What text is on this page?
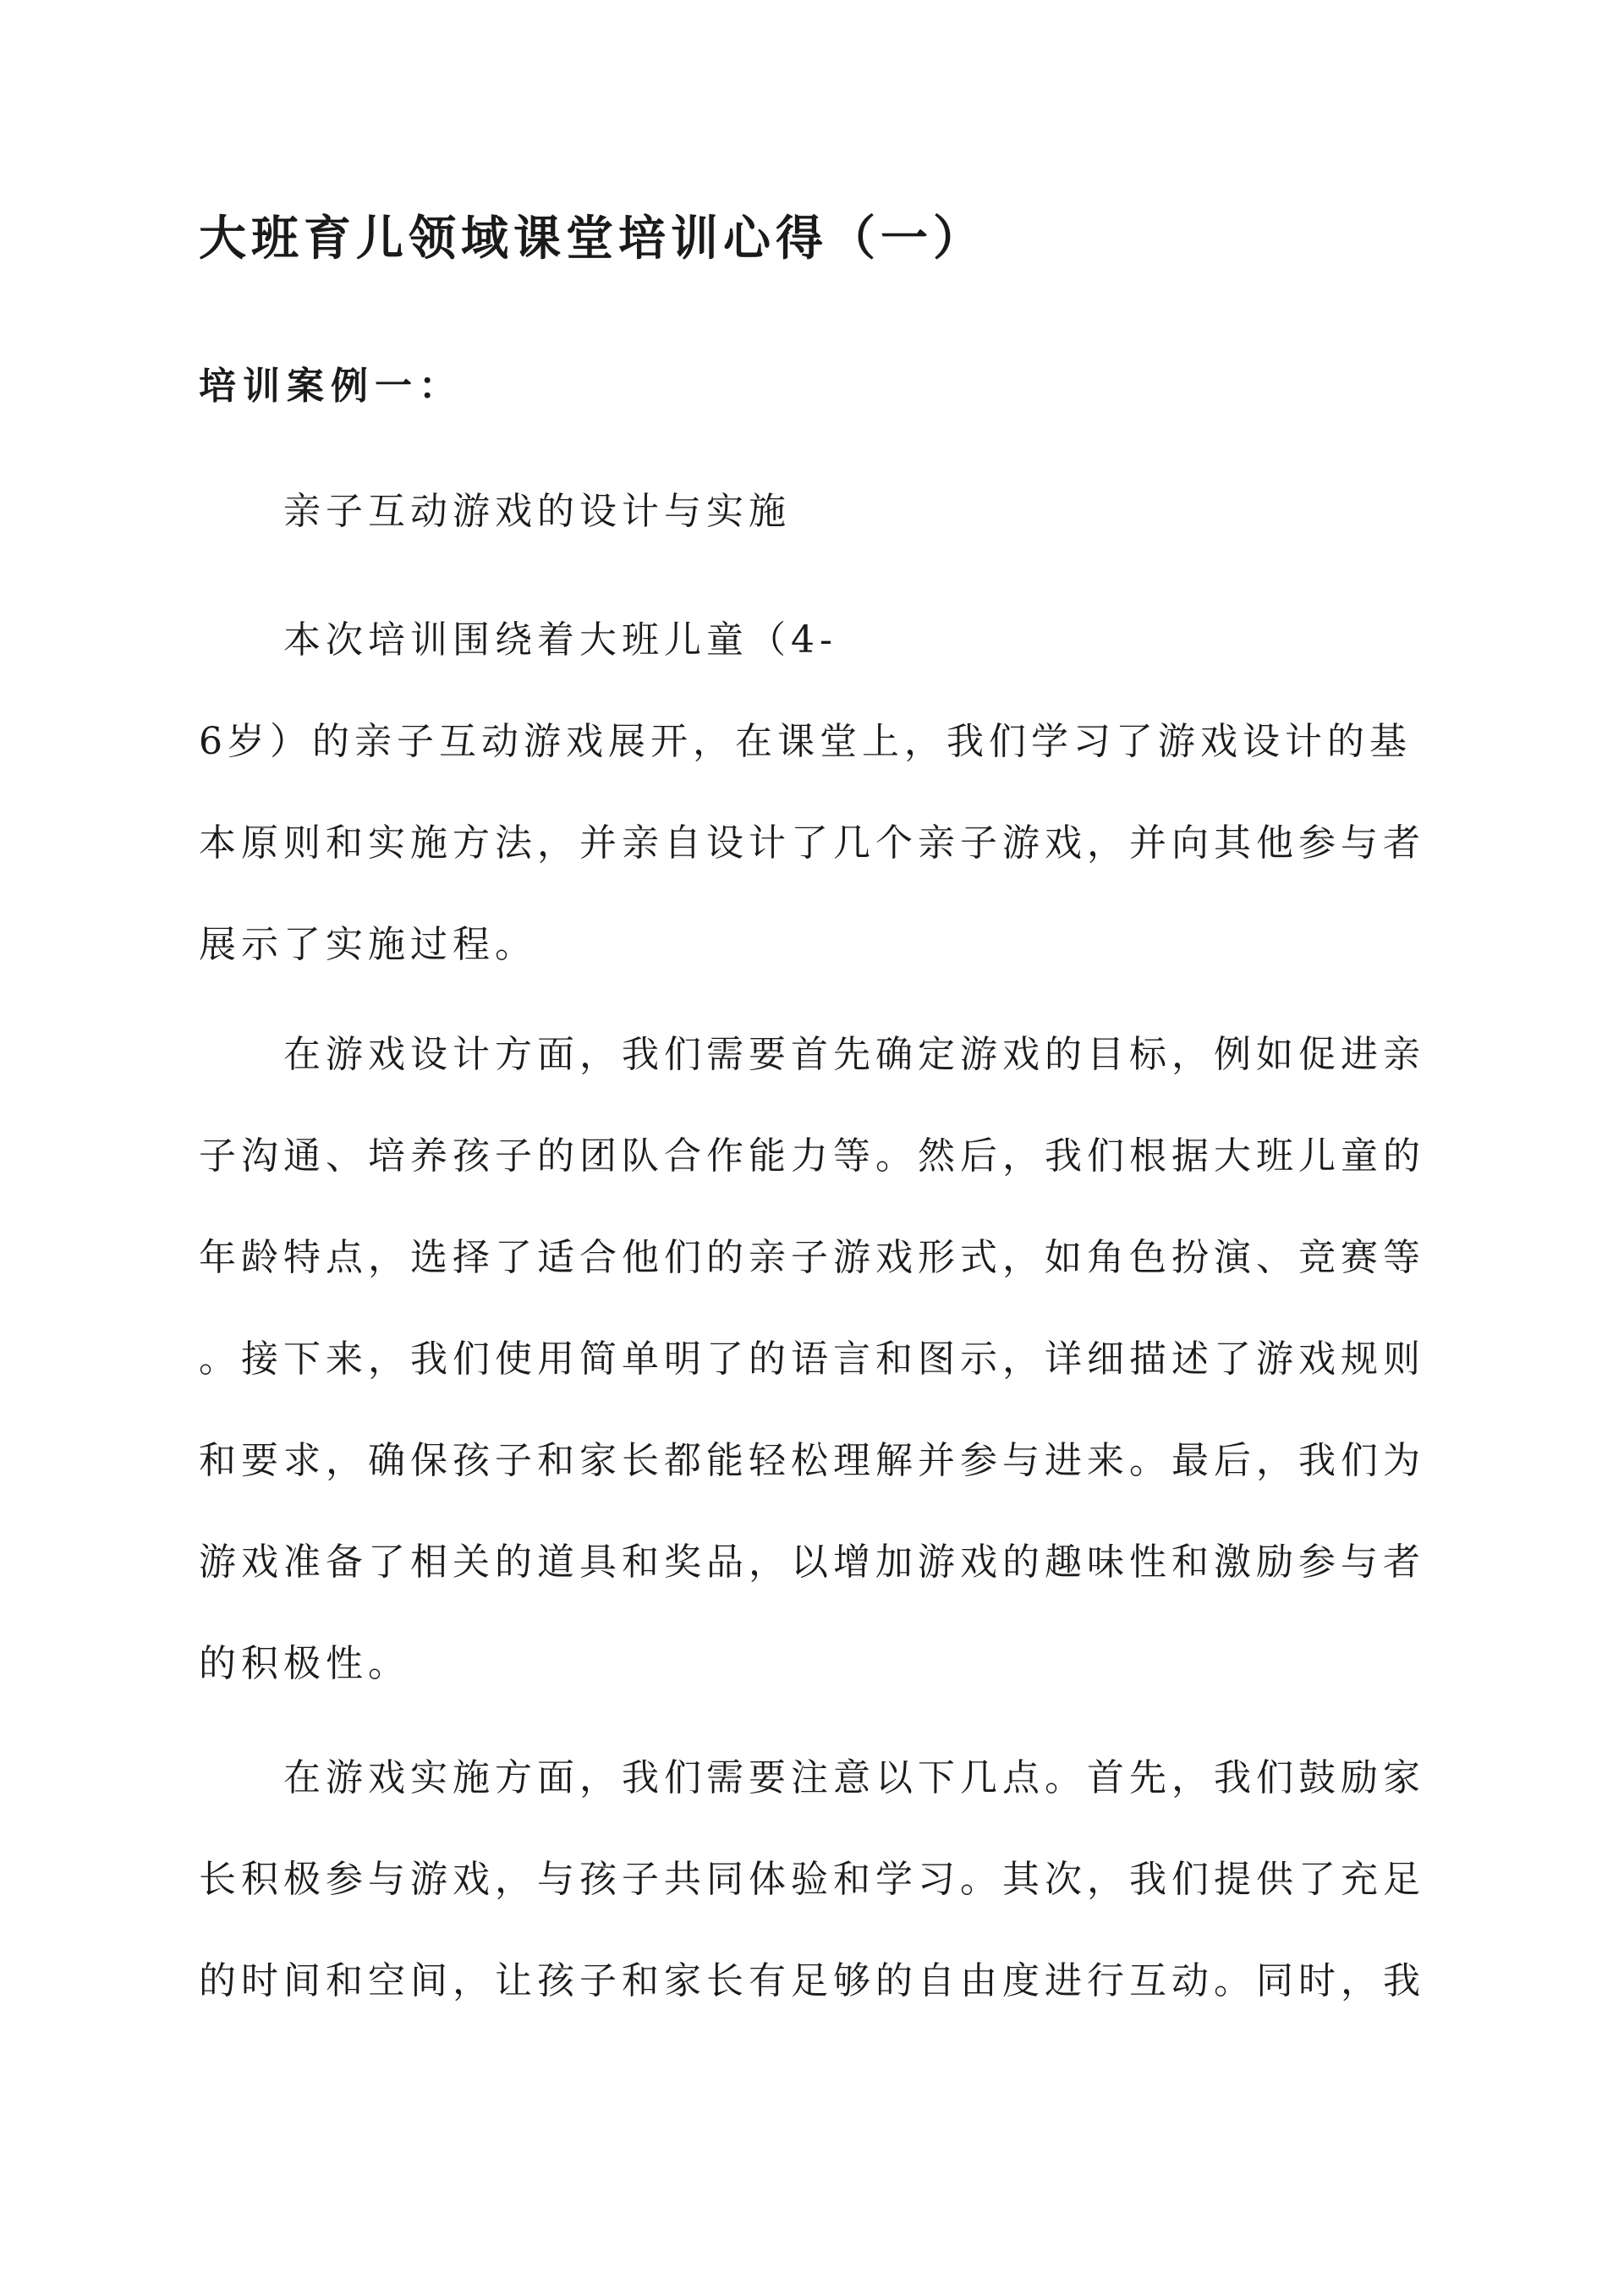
大班育儿领域课堂培训心得（一）
培训案例一：
亲子互动游戏的设计与实施
本次培训围绕着大班儿童（4-
6岁）的亲子互动游戏展开，在课堂上，我们学习了游戏设计的基
本原则和实施方法，并亲自设计了几个亲子游戏，并向其他参与者
展示了实施过程。
在游戏设计方面，我们需要首先确定游戏的目标，例如促进亲
子沟通、培养孩子的团队合作能力等。然后，我们根据大班儿童的
年龄特点，选择了适合他们的亲子游戏形式，如角色扮演、竞赛等
。接下来，我们使用简单明了的语言和图示，详细描述了游戏规则
和要求，确保孩子和家长都能轻松理解并参与进来。最后，我们为
游戏准备了相关的道具和奖品，以增加游戏的趣味性和激励参与者
的积极性。
在游戏实施方面，我们需要注意以下几点。首先，我们鼓励家
长积极参与游戏，与孩子共同体验和学习。其次，我们提供了充足
的时间和空间，让孩子和家长有足够的自由度进行互动。同时，我
